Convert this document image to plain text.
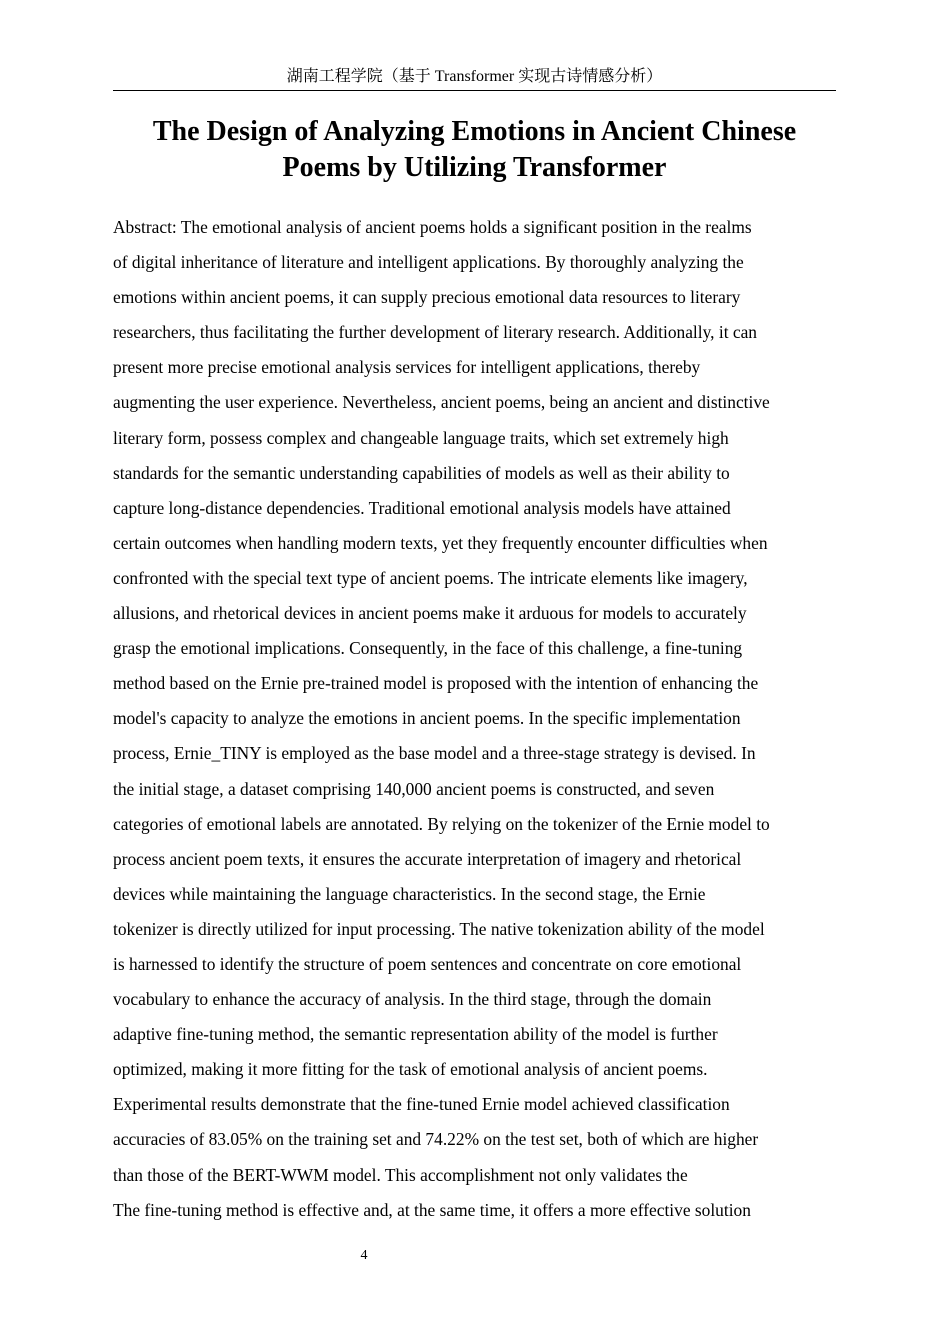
湖南工程学院（基于 Transformer 实现古诗情感分析）
The Design of Analyzing Emotions in Ancient Chinese
Poems by Utilizing Transformer
Abstract: The emotional analysis of ancient poems holds a significant position in the realms
of digital inheritance of literature and intelligent applications. By thoroughly analyzing the
emotions within ancient poems, it can supply precious emotional data resources to literary
researchers, thus facilitating the further development of literary research. Additionally, it can
present more precise emotional analysis services for intelligent applications, thereby
augmenting the user experience. Nevertheless, ancient poems, being an ancient and distinctive
literary form, possess complex and changeable language traits, which set extremely high
standards for the semantic understanding capabilities of models as well as their ability to
capture long-distance dependencies. Traditional emotional analysis models have attained
certain outcomes when handling modern texts, yet they frequently encounter difficulties when
confronted with the special text type of ancient poems. The intricate elements like imagery,
allusions, and rhetorical devices in ancient poems make it arduous for models to accurately
grasp the emotional implications. Consequently, in the face of this challenge, a fine-tuning
method based on the Ernie pre-trained model is proposed with the intention of enhancing the
model's capacity to analyze the emotions in ancient poems. In the specific implementation
process, Ernie_TINY is employed as the base model and a three-stage strategy is devised. In
the initial stage, a dataset comprising 140,000 ancient poems is constructed, and seven
categories of emotional labels are annotated. By relying on the tokenizer of the Ernie model to
process ancient poem texts, it ensures the accurate interpretation of imagery and rhetorical
devices while maintaining the language characteristics. In the second stage, the Ernie
tokenizer is directly utilized for input processing. The native tokenization ability of the model
is harnessed to identify the structure of poem sentences and concentrate on core emotional
vocabulary to enhance the accuracy of analysis. In the third stage, through the domain
adaptive fine-tuning method, the semantic representation ability of the model is further
optimized, making it more fitting for the task of emotional analysis of ancient poems.
Experimental results demonstrate that the fine-tuned Ernie model achieved classification
accuracies of 83.05% on the training set and 74.22% on the test set, both of which are higher
than those of the BERT-WWM model. This accomplishment not only validates the
The fine-tuning method is effective and, at the same time, it offers a more effective solution
4
